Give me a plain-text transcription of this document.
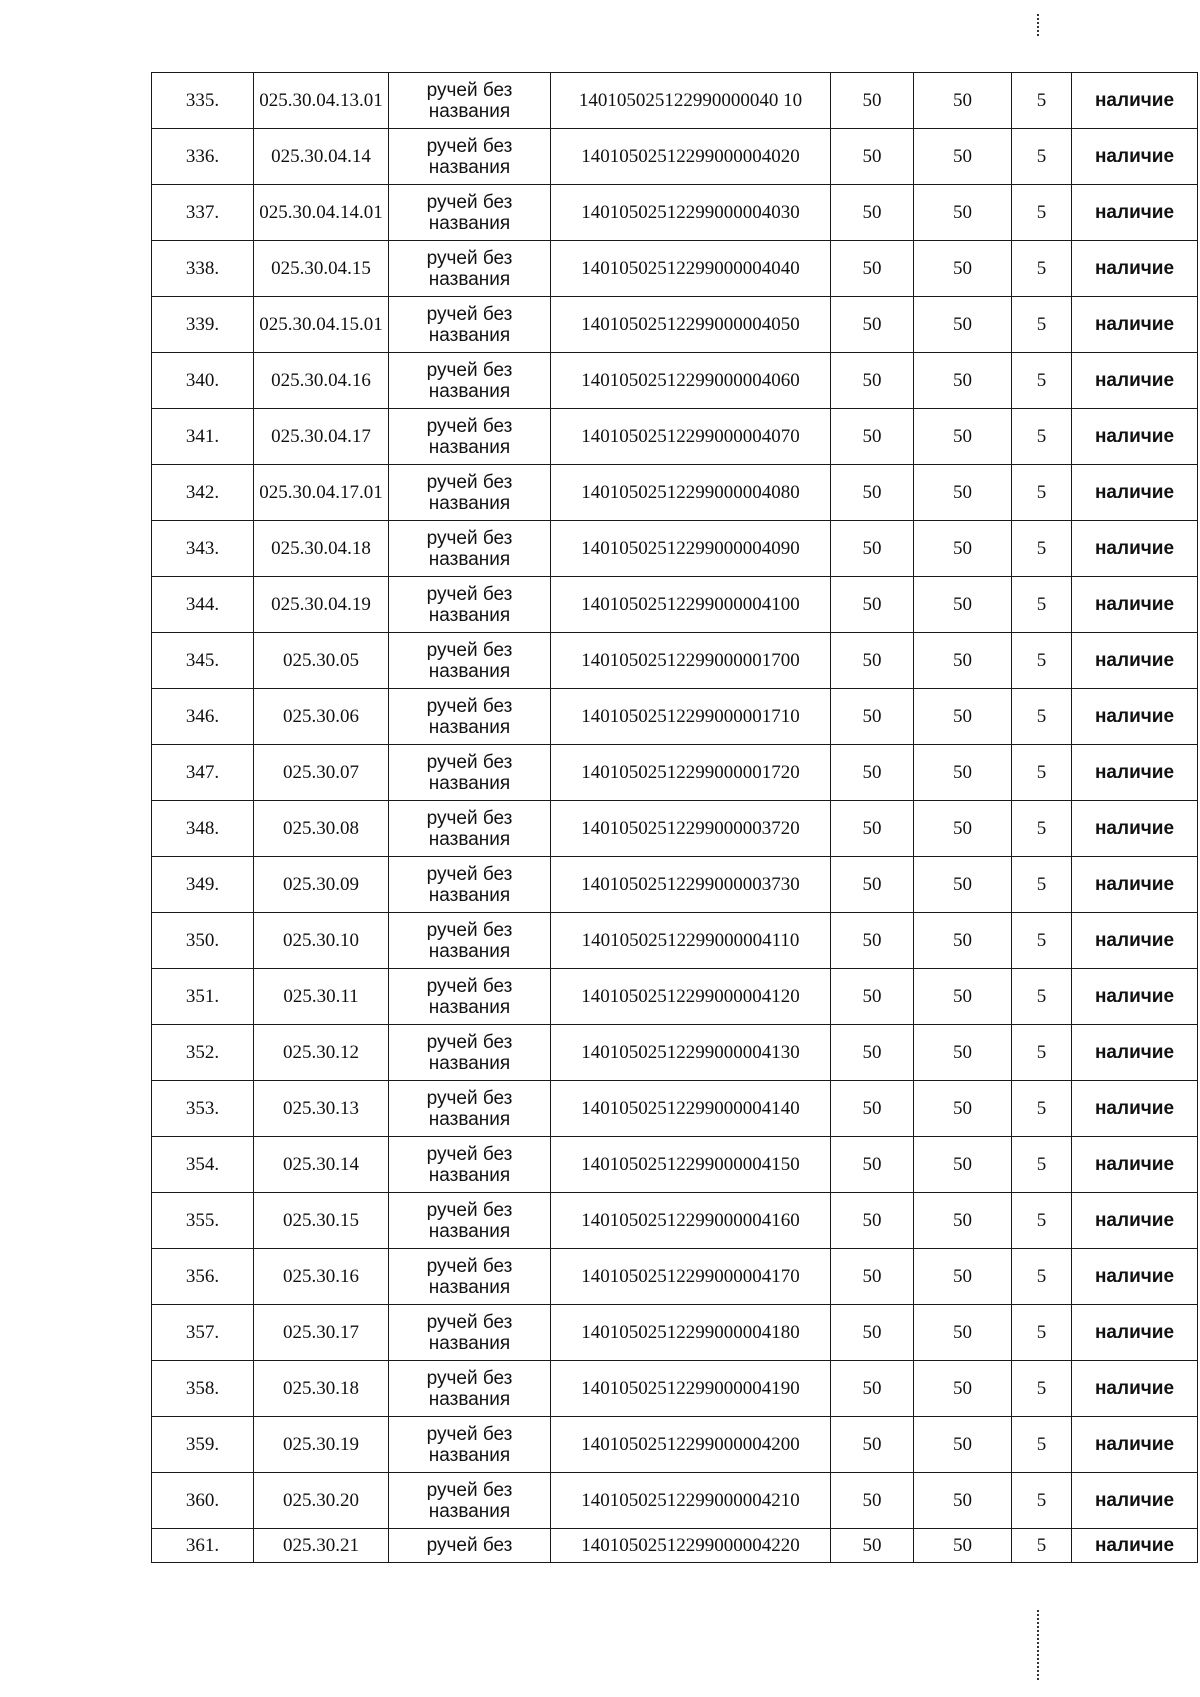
335.	025.30.04.13.01	ручей без названия	140105025122990000040 10	50	50	5	наличие
336.	025.30.04.14	ручей без названия	14010502512299000004020	50	50	5	наличие
337.	025.30.04.14.01	ручей без названия	14010502512299000004030	50	50	5	наличие
338.	025.30.04.15	ручей без названия	14010502512299000004040	50	50	5	наличие
339.	025.30.04.15.01	ручей без названия	14010502512299000004050	50	50	5	наличие
340.	025.30.04.16	ручей без названия	14010502512299000004060	50	50	5	наличие
341.	025.30.04.17	ручей без названия	14010502512299000004070	50	50	5	наличие
342.	025.30.04.17.01	ручей без названия	14010502512299000004080	50	50	5	наличие
343.	025.30.04.18	ручей без названия	14010502512299000004090	50	50	5	наличие
344.	025.30.04.19	ручей без названия	14010502512299000004100	50	50	5	наличие
345.	025.30.05	ручей без названия	14010502512299000001700	50	50	5	наличие
346.	025.30.06	ручей без названия	14010502512299000001710	50	50	5	наличие
347.	025.30.07	ручей без названия	14010502512299000001720	50	50	5	наличие
348.	025.30.08	ручей без названия	14010502512299000003720	50	50	5	наличие
349.	025.30.09	ручей без названия	14010502512299000003730	50	50	5	наличие
350.	025.30.10	ручей без названия	14010502512299000004110	50	50	5	наличие
351.	025.30.11	ручей без названия	14010502512299000004120	50	50	5	наличие
352.	025.30.12	ручей без названия	14010502512299000004130	50	50	5	наличие
353.	025.30.13	ручей без названия	14010502512299000004140	50	50	5	наличие
354.	025.30.14	ручей без названия	14010502512299000004150	50	50	5	наличие
355.	025.30.15	ручей без названия	14010502512299000004160	50	50	5	наличие
356.	025.30.16	ручей без названия	14010502512299000004170	50	50	5	наличие
357.	025.30.17	ручей без названия	14010502512299000004180	50	50	5	наличие
358.	025.30.18	ручей без названия	14010502512299000004190	50	50	5	наличие
359.	025.30.19	ручей без названия	14010502512299000004200	50	50	5	наличие
360.	025.30.20	ручей без названия	14010502512299000004210	50	50	5	наличие
361.	025.30.21	ручей без	14010502512299000004220	50	50	5	наличие
